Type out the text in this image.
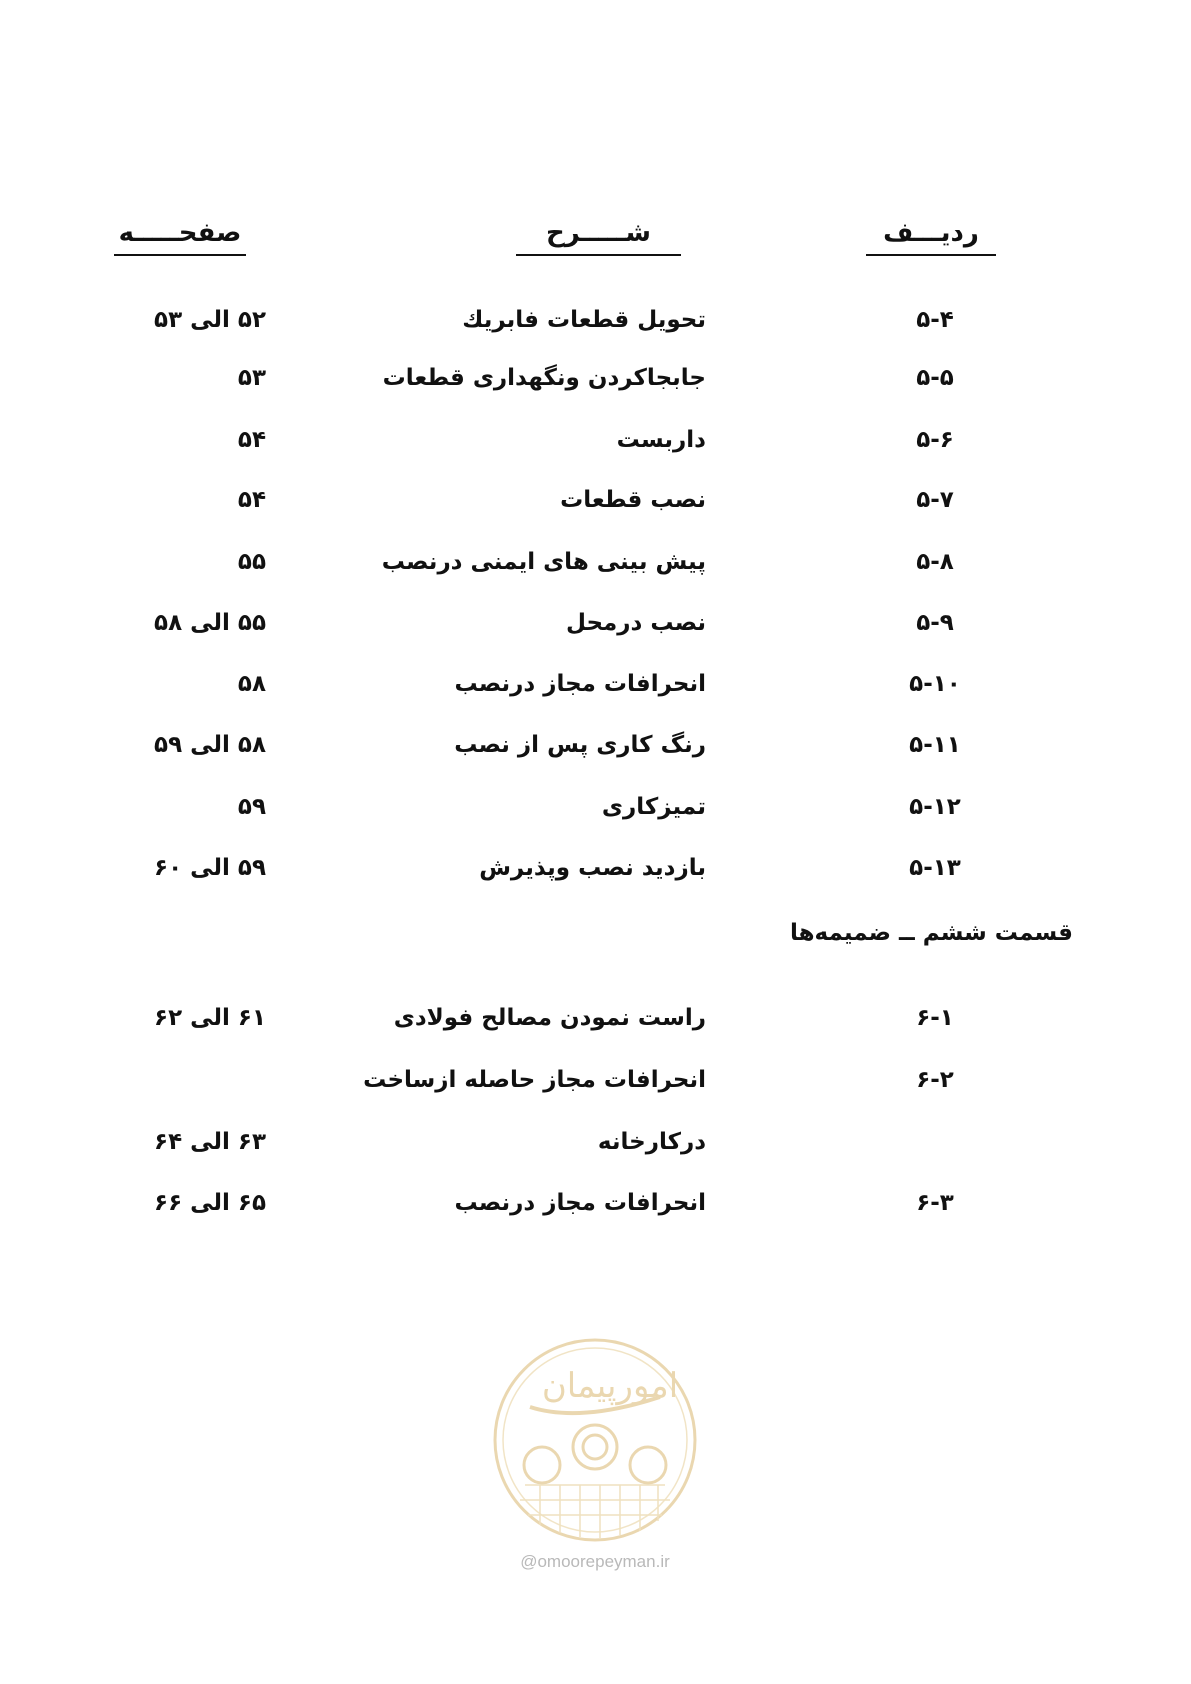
ردیـــف
شـــــرح
صفحـــــه
۵-۴
تحویل قطعات فابریك
۵۲ الی ۵۳
۵-۵
جابجاکردن ونگهداری قطعات
۵۳
۵-۶
داربست
۵۴
۵-۷
نصب قطعات
۵۴
۵-۸
پیش بینی های ایمنی درنصب
۵۵
۵-۹
نصب درمحل
۵۵ الی ۵۸
۵-۱۰
انحرافات مجاز درنصب
۵۸
۵-۱۱
رنگ کاری پس از نصب
۵۸ الی ۵۹
۵-۱۲
تمیزکاری
۵۹
۵-۱۳
بازدید نصب وپذیرش
۵۹ الی ۶۰
قسمت ششم ــ ضمیمه‌ها
۶-۱
راست نمودن مصالح فولادی
۶۱ الی ۶۲
۶-۲
انحرافات مجاز حاصله ازساخت
درکارخانه
۶۳ الی ۶۴
۶-۳
انحرافات مجاز درنصب
۶۵ الی ۶۶
امورپیمان
@omoorepeyman.ir
